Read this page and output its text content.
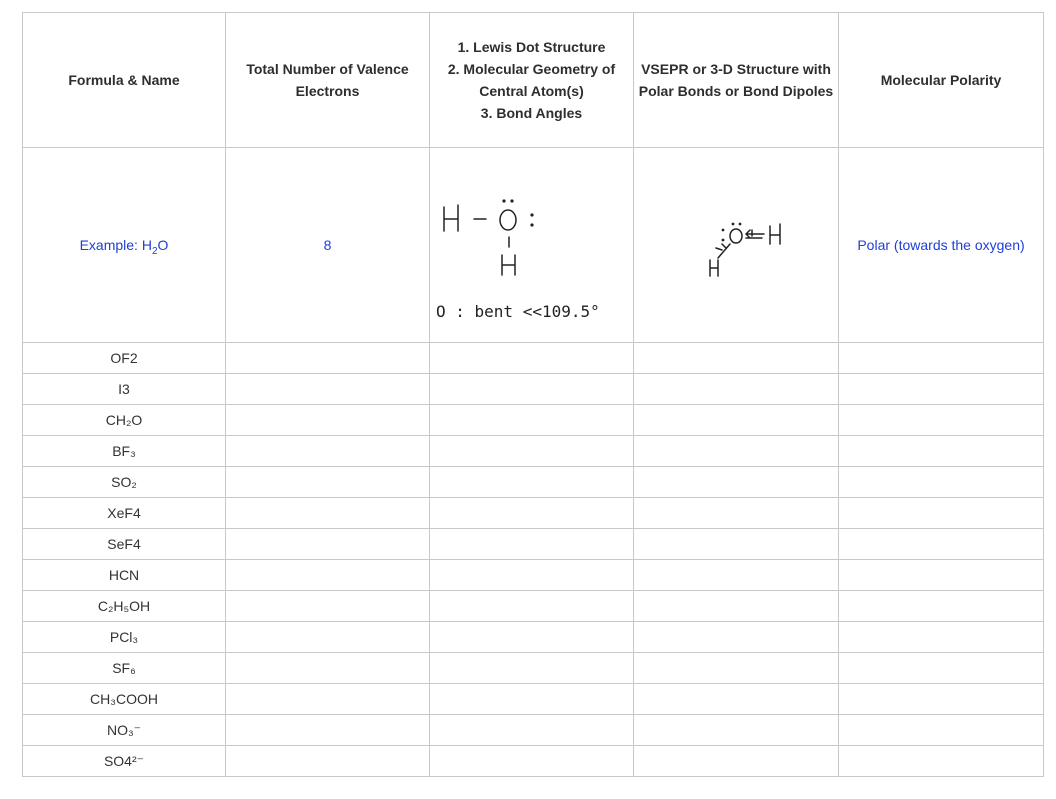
Formula & Name	Total Number of Valence Electrons	1. Lewis Dot Structure
2. Molecular Geometry of Central Atom(s)
3. Bond Angles	VSEPR or 3-D Structure with Polar Bonds or Bond Dipoles	Molecular Polarity

Example: $H_2O$	8	O : bent <<109.5°		Polar (towards the oxygen)
OF2				
I3				
CH₂O				
BF₃				
SO₂				
XeF4				
SeF4				
HCN				
C₂H₅OH				
PCl₃				
SF₆				
CH₃COOH				
NO₃⁻				
SO4²⁻				
